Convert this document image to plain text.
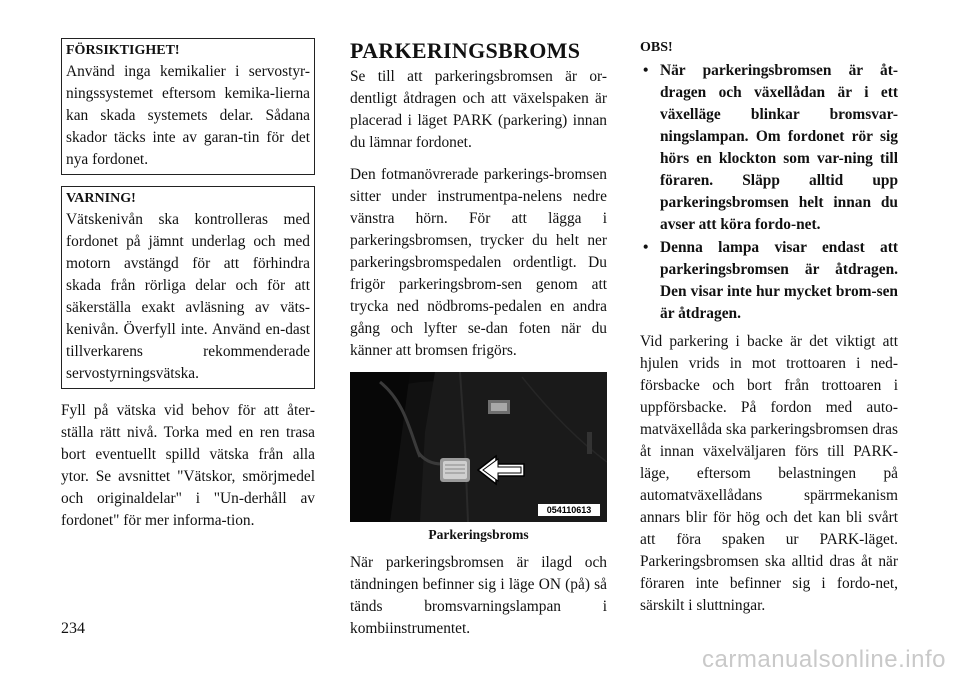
FÖRSIKTIGHET!
Använd inga kemikalier i servostyr-ningssystemet eftersom kemika-lierna kan skada systemets delar. Sådana skador täcks inte av garan-tin för det nya fordonet.
VARNING!
Vätskenivån ska kontrolleras med fordonet på jämnt underlag och med motorn avstängd för att förhindra skada från rörliga delar och för att säkerställa exakt avläsning av väts-kenivån. Överfyll inte. Använd en-dast tillverkarens rekommenderade servostyrningsvätska.

Fyll på vätska vid behov för att åter-ställa rätt nivå. Torka med en ren trasa bort eventuellt spilld vätska från alla ytor. Se avsnittet "Vätskor, smörjmedel och originaldelar" i "Un-derhåll av fordonet" för mer informa-tion.

PARKERINGSBROMS

Se till att parkeringsbromsen är or-dentligt åtdragen och att växelspaken är placerad i läget PARK (parkering) innan du lämnar fordonet.

Den fotmanövrerade parkerings-bromsen sitter under instrumentpa-nelens nedre vänstra hörn. För att lägga i parkeringsbromsen, trycker du helt ner parkeringsbromspedalen ordentligt. Du frigör parkeringsbrom-sen genom att trycka ned nödbroms-pedalen en andra gång och lyfter se-dan foten när du känner att bromsen frigörs.

054110613
Parkeringsbroms

När parkeringsbromsen är ilagd och tändningen befinner sig i läge ON (på) så tänds bromsvarningslampan i kombiinstrumentet.

OBS!
• När parkeringsbromsen är åt-dragen och växellådan är i ett växelläge blinkar bromsvar-ningslampan. Om fordonet rör sig hörs en klockton som var-ning till föraren. Släpp alltid upp parkeringsbromsen helt innan du avser att köra fordo-net.
• Denna lampa visar endast att parkeringsbromsen är åtdragen. Den visar inte hur mycket brom-sen är åtdragen.

Vid parkering i backe är det viktigt att hjulen vrids in mot trottoaren i ned-försbacke och bort från trottoaren i uppförsbacke. På fordon med auto-matväxellåda ska parkeringsbromsen dras åt innan växelväljaren förs till PARK-läge, eftersom belastningen på automatväxellådans spärrmekanism annars blir för hög och det kan bli svårt att föra spaken ur PARK-läget. Parkeringsbromsen ska alltid dras åt när föraren inte befinner sig i fordo-net, särskilt i sluttningar.

234
carmanualsonline.info
